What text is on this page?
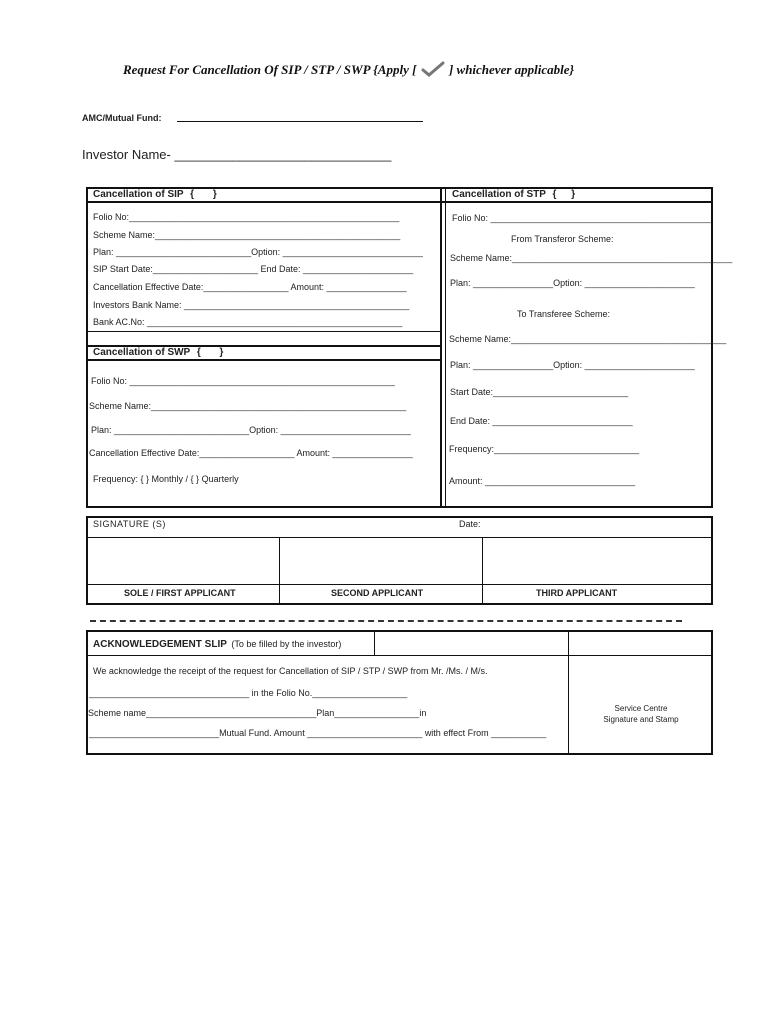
Request For Cancellation Of SIP / STP / SWP {Apply [	] whichever applicable}
AMC/Mutual Fund:
Investor Name- ______________________________
Cancellation of SIP { }
Folio No:______________________________________________________
Scheme Name:_________________________________________________
Plan: ___________________________Option: ____________________________
SIP Start Date:_____________________ End Date: ______________________
Cancellation Effective Date:_________________ Amount: ________________
Investors Bank Name: _____________________________________________
Bank AC.No: ___________________________________________________
Cancellation of SWP { }
Folio No: _____________________________________________________
Scheme Name:___________________________________________________
Plan: ___________________________Option: __________________________
Cancellation Effective Date:___________________ Amount: ________________
Frequency: { } Monthly / { } Quarterly
Cancellation of STP { }
Folio No: ____________________________________________
From Transferor Scheme:
Scheme Name:____________________________________________
Plan: ________________Option: ______________________
To Transferee Scheme:
Scheme Name:___________________________________________
Plan: ________________Option: ______________________
Start Date:___________________________
End Date: ____________________________
Frequency:_____________________________
Amount: ______________________________
SIGNATURE (S)	Date:
SOLE / FIRST APPLICANT	SECOND APPLICANT	THIRD APPLICANT
ACKNOWLEDGEMENT SLIP (To be filled by the investor)
We acknowledge the receipt of the request for Cancellation of SIP / STP / SWP from Mr. /Ms. / M/s.
________________________________ in the Folio No.___________________
Scheme name__________________________________Plan_________________in
__________________________Mutual Fund. Amount _______________________ with effect From ___________
Service Centre
Signature and Stamp
